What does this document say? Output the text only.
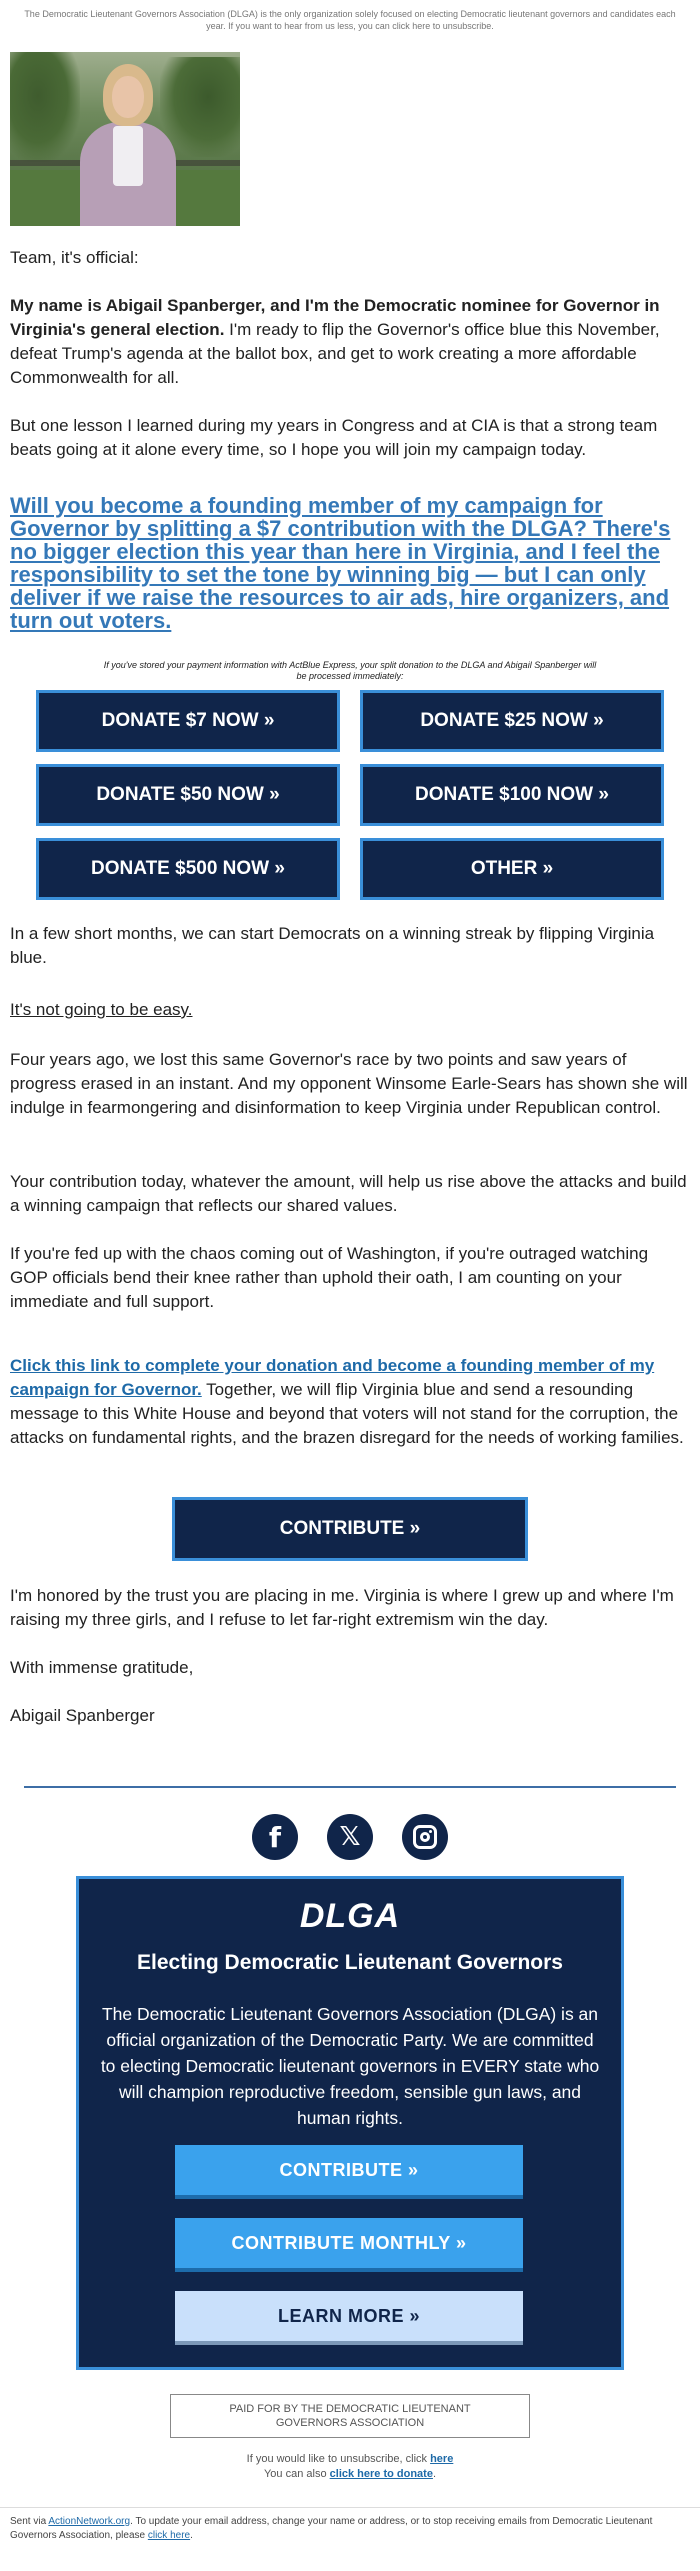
The Democratic Lieutenant Governors Association (DLGA) is the only organization solely focused on electing Democratic lieutenant governors and candidates each year. If you want to hear from us less, you can click here to unsubscribe.

Team, it's official:

My name is Abigail Spanberger, and I'm the Democratic nominee for Governor in Virginia's general election. I'm ready to flip the Governor's office blue this November, defeat Trump's agenda at the ballot box, and get to work creating a more affordable Commonwealth for all.

But one lesson I learned during my years in Congress and at CIA is that a strong team beats going at it alone every time, so I hope you will join my campaign today.

Will you become a founding member of my campaign for Governor by splitting a $7 contribution with the DLGA? There's no bigger election this year than here in Virginia, and I feel the responsibility to set the tone by winning big — but I can only deliver if we raise the resources to air ads, hire organizers, and turn out voters.

If you've stored your payment information with ActBlue Express, your split donation to the DLGA and Abigail Spanberger will be processed immediately:
DONATE $7 NOW »	DONATE $25 NOW »
DONATE $50 NOW »	DONATE $100 NOW »
DONATE $500 NOW »	OTHER »

In a few short months, we can start Democrats on a winning streak by flipping Virginia blue.

It's not going to be easy.

Four years ago, we lost this same Governor's race by two points and saw years of progress erased in an instant. And my opponent Winsome Earle-Sears has shown she will indulge in fearmongering and disinformation to keep Virginia under Republican control.

Your contribution today, whatever the amount, will help us rise above the attacks and build a winning campaign that reflects our shared values.

If you're fed up with the chaos coming out of Washington, if you're outraged watching GOP officials bend their knee rather than uphold their oath, I am counting on your immediate and full support.

Click this link to complete your donation and become a founding member of my campaign for Governor. Together, we will flip Virginia blue and send a resounding message to this White House and beyond that voters will not stand for the corruption, the attacks on fundamental rights, and the brazen disregard for the needs of working families.

CONTRIBUTE »

I'm honored by the trust you are placing in me. Virginia is where I grew up and where I'm raising my three girls, and I refuse to let far-right extremism win the day.

With immense gratitude,

Abigail Spanberger

f	𝕏
DLGA
Electing Democratic Lieutenant Governors
The Democratic Lieutenant Governors Association (DLGA) is an official organization of the Democratic Party. We are committed to electing Democratic lieutenant governors in EVERY state who will champion reproductive freedom, sensible gun laws, and human rights.
CONTRIBUTE »
CONTRIBUTE MONTHLY »
LEARN MORE »
PAID FOR BY THE DEMOCRATIC LIEUTENANT GOVERNORS ASSOCIATION
If you would like to unsubscribe, click here
You can also click here to donate.
Sent via ActionNetwork.org. To update your email address, change your name or address, or to stop receiving emails from Democratic Lieutenant Governors Association, please click here.
